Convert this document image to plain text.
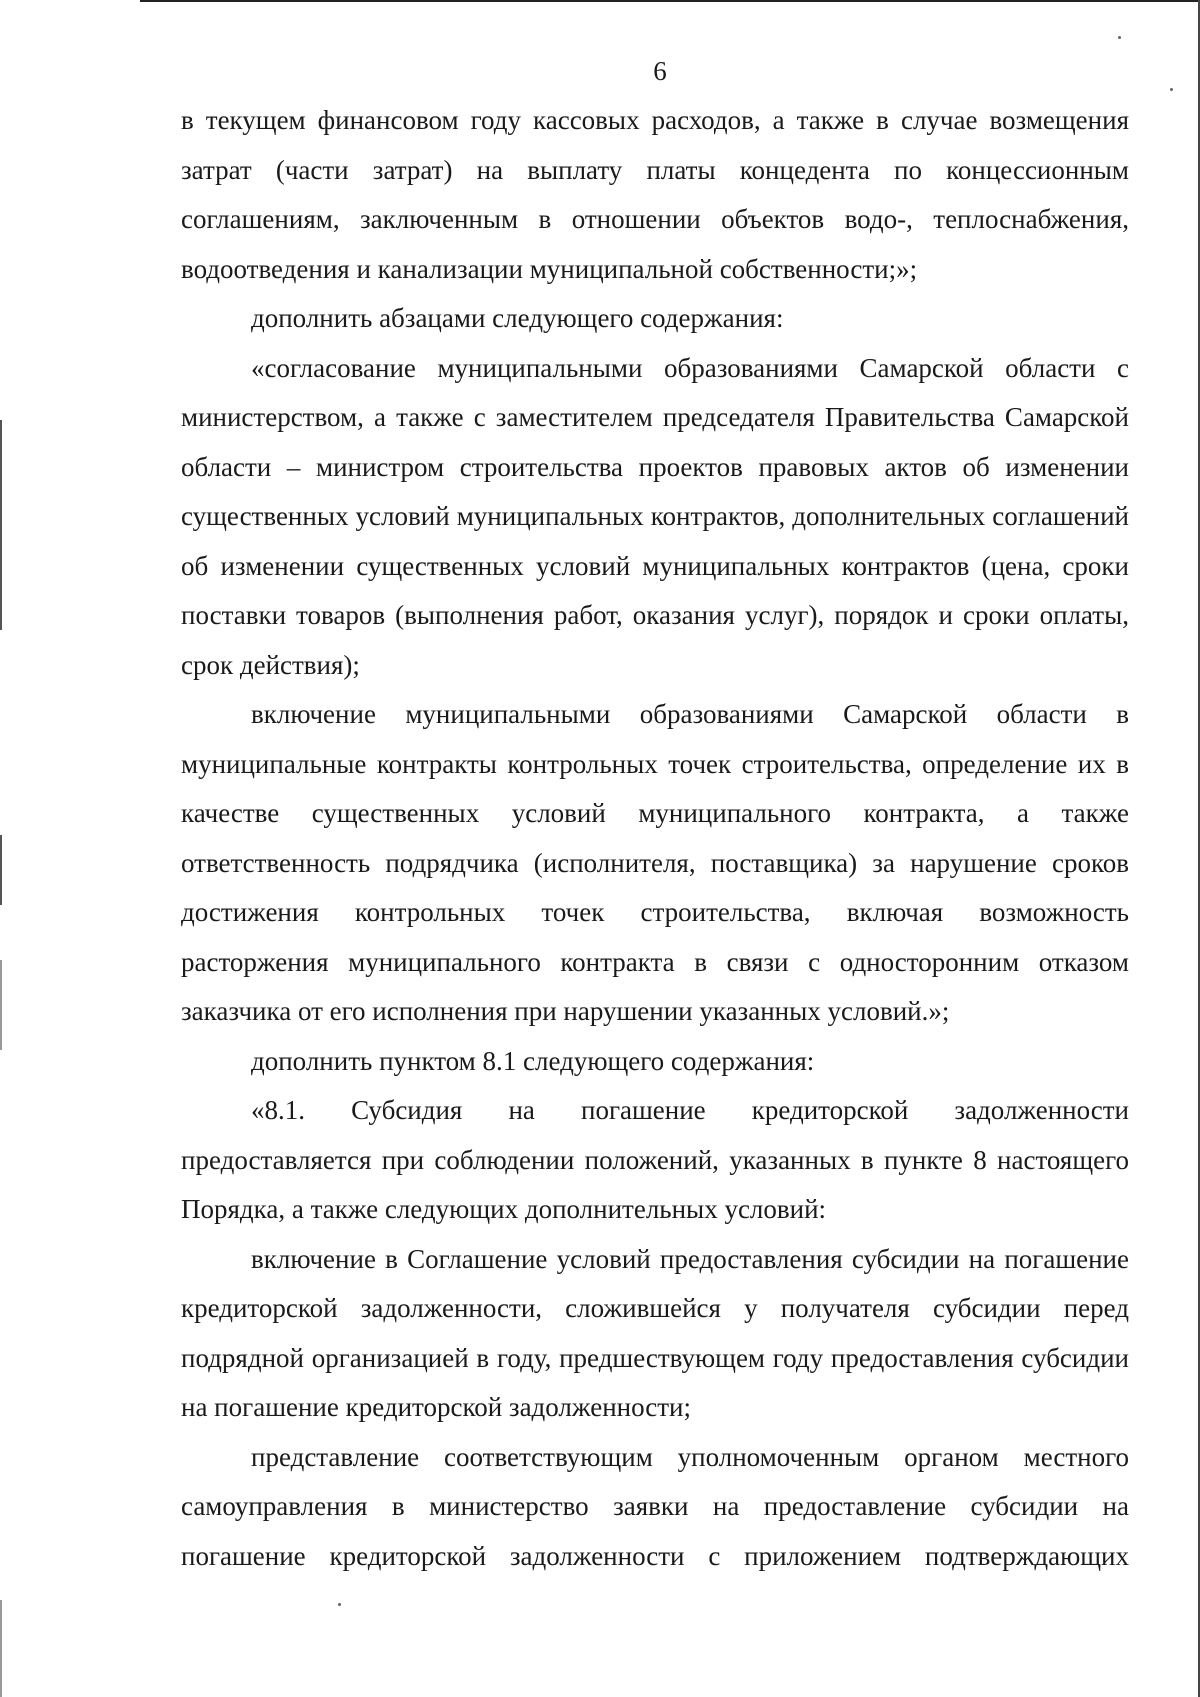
6

в текущем финансовом году кассовых расходов, а также в случае возмещения затрат (части затрат) на выплату платы концедента по концессионным соглашениям, заключенным в отношении объектов водо-, теплоснабжения, водоотведения и канализации муниципальной собственности;»;

дополнить абзацами следующего содержания:

«согласование муниципальными образованиями Самарской области с министерством, а также с заместителем председателя Правительства Самарской области – министром строительства проектов правовых актов об изменении существенных условий муниципальных контрактов, дополнительных соглашений об изменении существенных условий муниципальных контрактов (цена, сроки поставки товаров (выполнения работ, оказания услуг), порядок и сроки оплаты, срок действия);

включение муниципальными образованиями Самарской области в муниципальные контракты контрольных точек строительства, определение их в качестве существенных условий муниципального контракта, а также ответственность подрядчика (исполнителя, поставщика) за нарушение сроков достижения контрольных точек строительства, включая возможность расторжения муниципального контракта в связи с односторонним отказом заказчика от его исполнения при нарушении указанных условий.»;

дополнить пунктом 8.1 следующего содержания:

«8.1. Субсидия на погашение кредиторской задолженности предоставляется при соблюдении положений, указанных в пункте 8 настоящего Порядка, а также следующих дополнительных условий:

включение в Соглашение условий предоставления субсидии на погашение кредиторской задолженности, сложившейся у получателя субсидии перед подрядной организацией в году, предшествующем году предоставления субсидии на погашение кредиторской задолженности;

представление соответствующим уполномоченным органом местного самоуправления в министерство заявки на предоставление субсидии на погашение кредиторской задолженности с приложением подтверждающих
